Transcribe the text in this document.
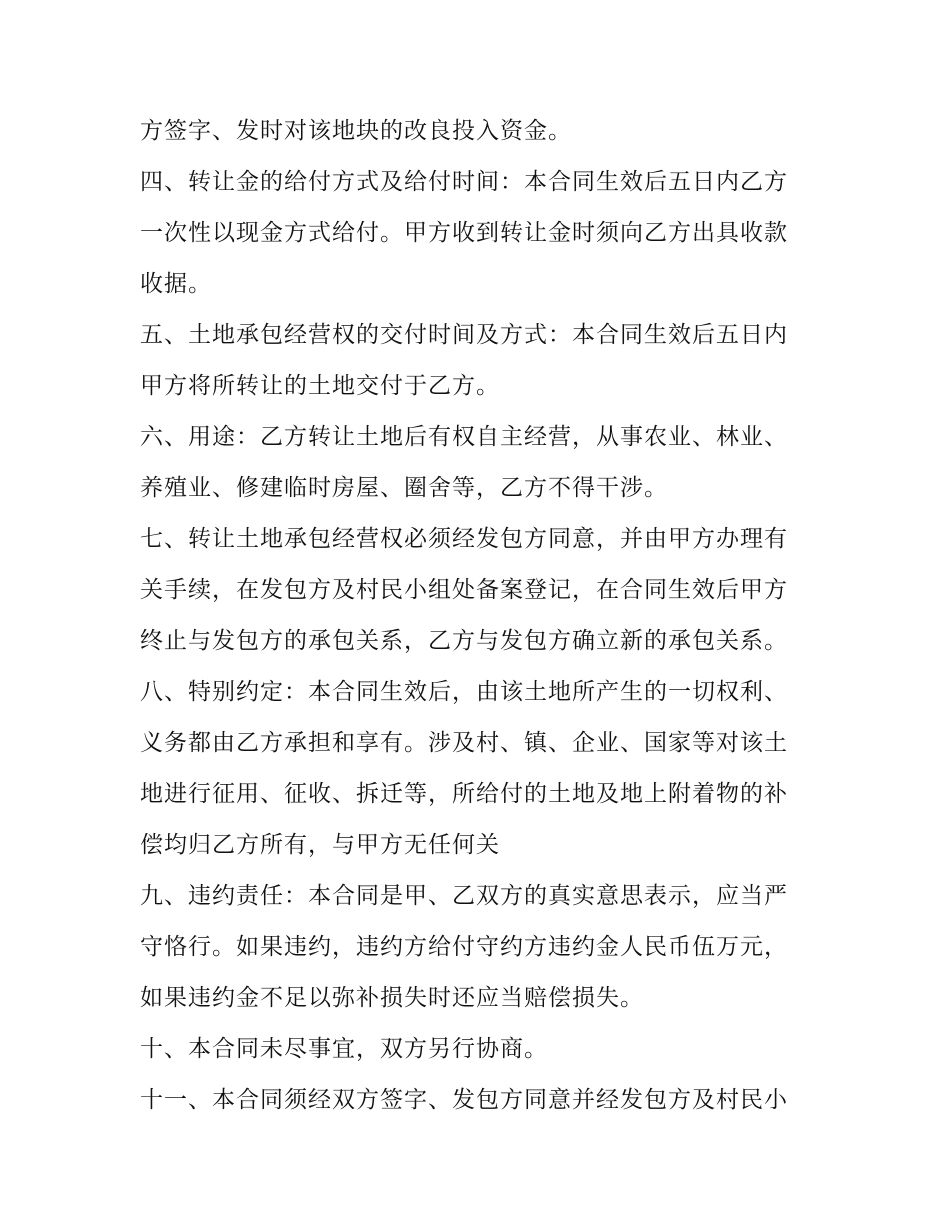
方签字、发时对该地块的改良投入资金。
四、转让金的给付方式及给付时间：本合同生效后五日内乙方
一次性以现金方式给付。甲方收到转让金时须向乙方出具收款
收据。
五、土地承包经营权的交付时间及方式：本合同生效后五日内
甲方将所转让的土地交付于乙方。
六、用途：乙方转让土地后有权自主经营，从事农业、林业、
养殖业、修建临时房屋、圈舍等，乙方不得干涉。
七、转让土地承包经营权必须经发包方同意，并由甲方办理有
关手续，在发包方及村民小组处备案登记，在合同生效后甲方
终止与发包方的承包关系，乙方与发包方确立新的承包关系。
八、特别约定：本合同生效后，由该土地所产生的一切权利、
义务都由乙方承担和享有。涉及村、镇、企业、国家等对该土
地进行征用、征收、拆迁等，所给付的土地及地上附着物的补
偿均归乙方所有，与甲方无任何关
九、违约责任：本合同是甲、乙双方的真实意思表示，应当严
守恪行。如果违约，违约方给付守约方违约金人民币伍万元，
如果违约金不足以弥补损失时还应当赔偿损失。
十、本合同未尽事宜，双方另行协商。
十一、本合同须经双方签字、发包方同意并经发包方及村民小
